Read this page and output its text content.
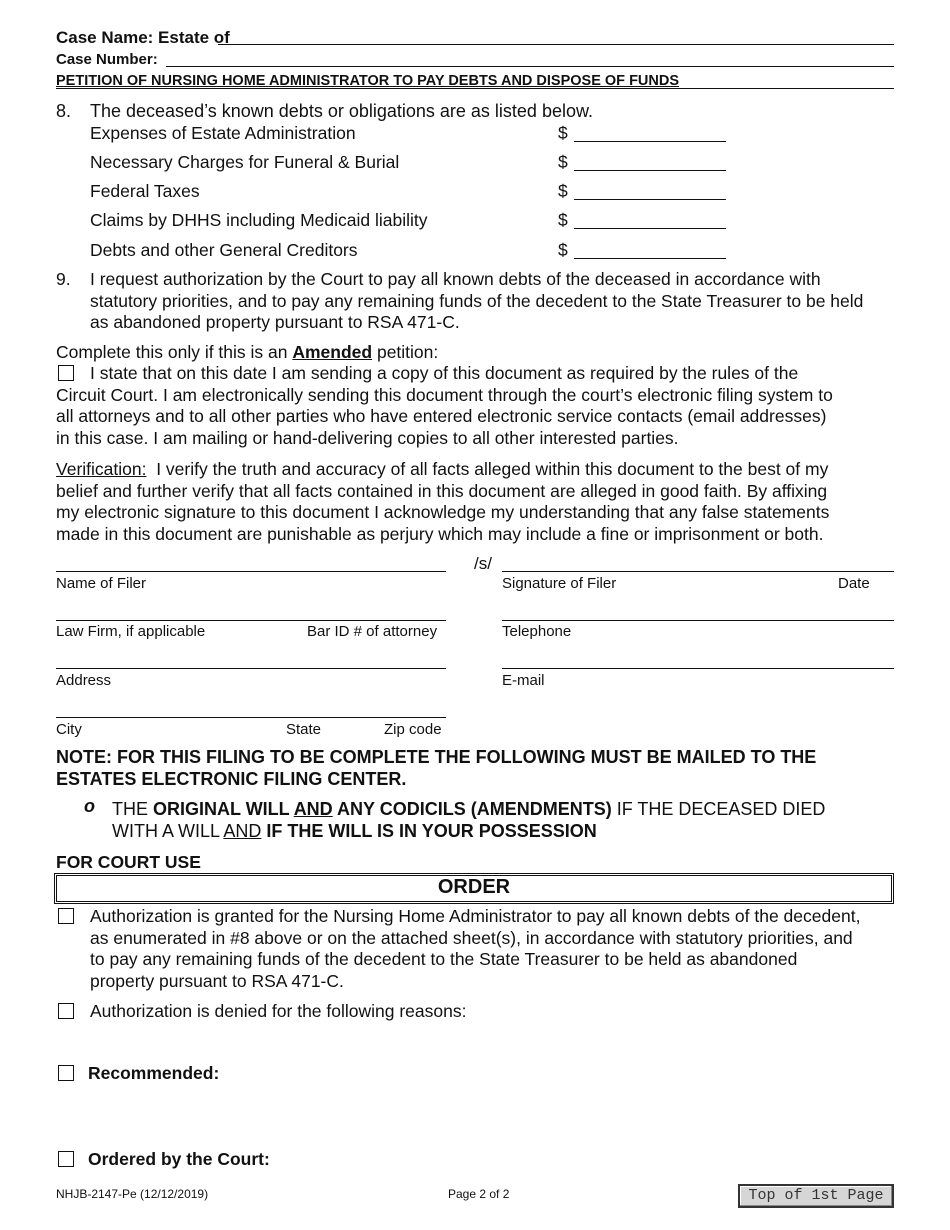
Case Name: Estate of
Case Number:
PETITION OF NURSING HOME ADMINISTRATOR TO PAY DEBTS AND DISPOSE OF FUNDS
8. The deceased’s known debts or obligations are as listed below.
Expenses of Estate Administration	$
Necessary Charges for Funeral & Burial	$
Federal Taxes	$
Claims by DHHS including Medicaid liability	$
Debts and other General Creditors	$
9. I request authorization by the Court to pay all known debts of the deceased in accordance with
statutory priorities, and to pay any remaining funds of the decedent to the State Treasurer to be held
as abandoned property pursuant to RSA 471-C.
Complete this only if this is an Amended petition:
I state that on this date I am sending a copy of this document as required by the rules of the
Circuit Court. I am electronically sending this document through the court’s electronic filing system to
all attorneys and to all other parties who have entered electronic service contacts (email addresses)
in this case. I am mailing or hand-delivering copies to all other interested parties.
Verification:  I verify the truth and accuracy of all facts alleged within this document to the best of my
belief and further verify that all facts contained in this document are alleged in good faith. By affixing
my electronic signature to this document I acknowledge my understanding that any false statements
made in this document are punishable as perjury which may include a fine or imprisonment or both.
/s/
Name of Filer	Signature of Filer	Date
Law Firm, if applicable	Bar ID # of attorney	Telephone
Address	E-mail
City	State	Zip code
NOTE: FOR THIS FILING TO BE COMPLETE THE FOLLOWING MUST BE MAILED TO THE
ESTATES ELECTRONIC FILING CENTER.
o THE ORIGINAL WILL AND ANY CODICILS (AMENDMENTS) IF THE DECEASED DIED
WITH A WILL AND IF THE WILL IS IN YOUR POSSESSION
FOR COURT USE
ORDER
Authorization is granted for the Nursing Home Administrator to pay all known debts of the decedent,
as enumerated in #8 above or on the attached sheet(s), in accordance with statutory priorities, and
to pay any remaining funds of the decedent to the State Treasurer to be held as abandoned
property pursuant to RSA 471-C.
Authorization is denied for the following reasons:
Recommended:
Ordered by the Court:
NHJB-2147-Pe (12/12/2019)	Page 2 of 2	Top of 1st Page
